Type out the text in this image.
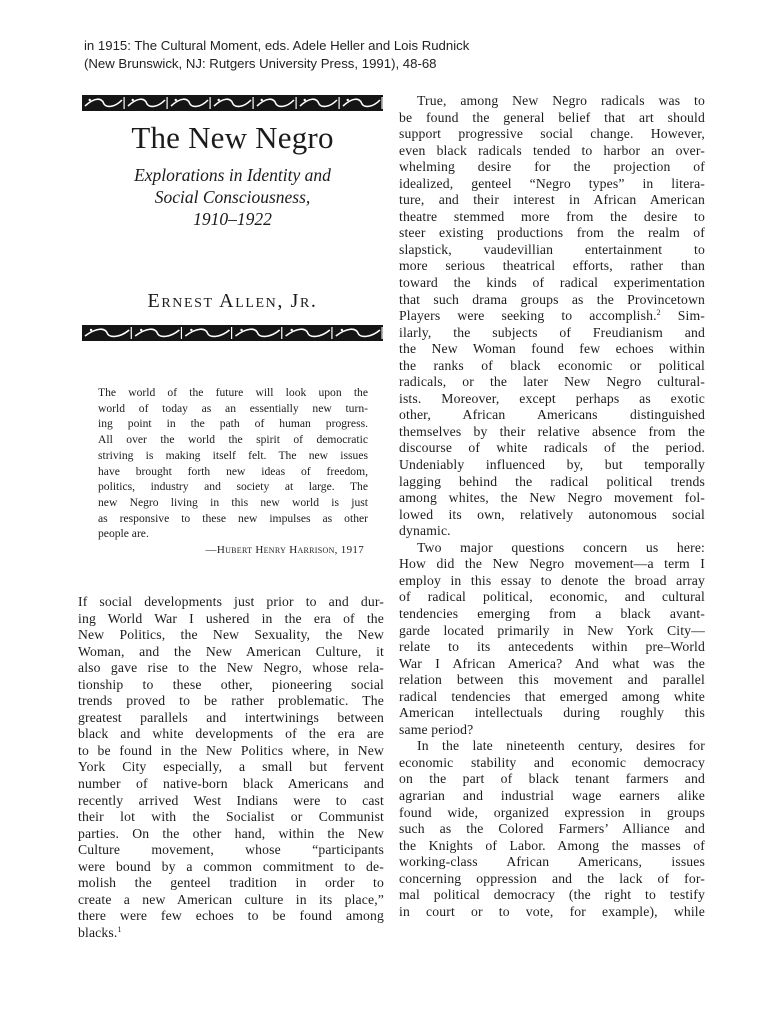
in 1915: The Cultural Moment, eds. Adele Heller and Lois Rudnick
(New Brunswick, NJ: Rutgers University Press, 1991), 48-68
The New Negro
Explorations in Identity and
Social Consciousness,
1910–1922
Ernest Allen, Jr.
The world of the future will look upon the
world of today as an essentially new turn-
ing point in the path of human progress.
All over the world the spirit of democratic
striving is making itself felt. The new issues
have brought forth new ideas of freedom,
politics, industry and society at large. The
new Negro living in this new world is just
as responsive to these new impulses as other
people are.
—Hubert Henry Harrison, 1917
If social developments just prior to and dur-
ing World War I ushered in the era of the
New Politics, the New Sexuality, the New
Woman, and the New American Culture, it
also gave rise to the New Negro, whose rela-
tionship to these other, pioneering social
trends proved to be rather problematic. The
greatest parallels and intertwinings between
black and white developments of the era are
to be found in the New Politics where, in New
York City especially, a small but fervent
number of native-born black Americans and
recently arrived West Indians were to cast
their lot with the Socialist or Communist
parties. On the other hand, within the New
Culture movement, whose “participants
were bound by a common commitment to de-
molish the genteel tradition in order to
create a new American culture in its place,”
there were few echoes to be found among
blacks.$^1$
True, among New Negro radicals was to
be found the general belief that art should
support progressive social change. However,
even black radicals tended to harbor an over-
whelming desire for the projection of
idealized, genteel “Negro types” in litera-
ture, and their interest in African American
theatre stemmed more from the desire to
steer existing productions from the realm of
slapstick, vaudevillian entertainment to
more serious theatrical efforts, rather than
toward the kinds of radical experimentation
that such drama groups as the Provincetown
Players were seeking to accomplish.$^2$ Sim-
ilarly, the subjects of Freudianism and
the New Woman found few echoes within
the ranks of black economic or political
radicals, or the later New Negro cultural-
ists. Moreover, except perhaps as exotic
other, African Americans distinguished
themselves by their relative absence from the
discourse of white radicals of the period.
Undeniably influenced by, but temporally
lagging behind the radical political trends
among whites, the New Negro movement fol-
lowed its own, relatively autonomous social
dynamic.
Two major questions concern us here:
How did the New Negro movement—a term I
employ in this essay to denote the broad array
of radical political, economic, and cultural
tendencies emerging from a black avant-
garde located primarily in New York City—
relate to its antecedents within pre–World
War I African America? And what was the
relation between this movement and parallel
radical tendencies that emerged among white
American intellectuals during roughly this
same period?
In the late nineteenth century, desires for
economic stability and economic democracy
on the part of black tenant farmers and
agrarian and industrial wage earners alike
found wide, organized expression in groups
such as the Colored Farmers’ Alliance and
the Knights of Labor. Among the masses of
working-class African Americans, issues
concerning oppression and the lack of for-
mal political democracy (the right to testify
in court or to vote, for example), while
